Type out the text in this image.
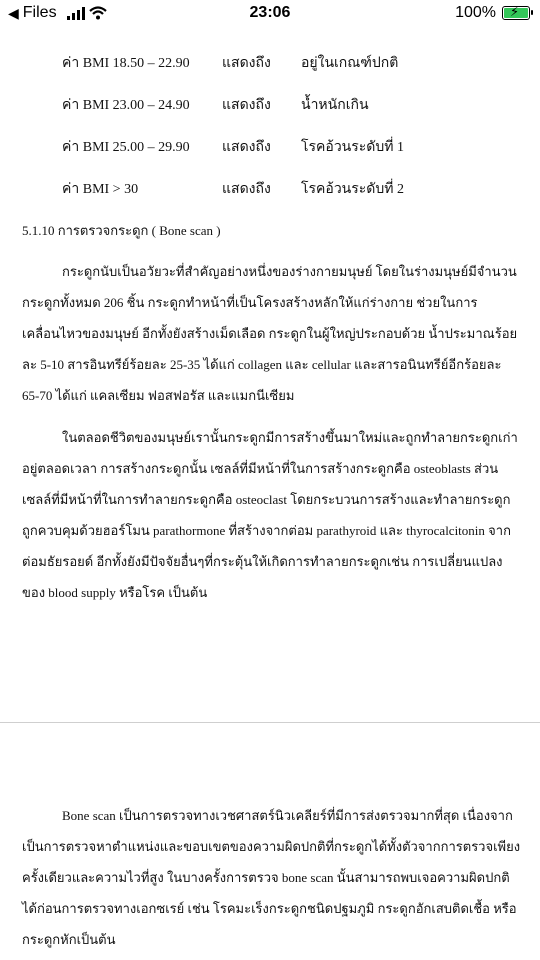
◀ Files	23:06	100% ⚡
ค่า BMI 18.50 – 22.90 แสดงถึง อยู่ในเกณฑ์ปกติ
ค่า BMI 23.00 – 24.90 แสดงถึง น้ำหนักเกิน
ค่า BMI 25.00 – 29.90 แสดงถึง โรคอ้วนระดับที่ 1
ค่า BMI > 30	แสดงถึง โรคอ้วนระดับที่ 2
5.1.10 การตรวจกระดูก ( Bone scan )
กระดูกนับเป็นอวัยวะที่สำคัญอย่างหนึ่งของร่างกายมนุษย์ โดยในร่างมนุษย์มีจำนวนกระดูกทั้งหมด 206 ชิ้น กระดูกทำหน้าที่เป็นโครงสร้างหลักให้แก่ร่างกาย ช่วยในการเคลื่อนไหวของมนุษย์ อีกทั้งยังสร้างเม็ดเลือด กระดูกในผู้ใหญ่ประกอบด้วย น้ำประมาณร้อยละ 5-10 สารอินทรีย์ร้อยละ 25-35 ได้แก่ collagen และ cellular และสารอนินทรีย์อีกร้อยละ 65-70 ได้แก่ แคลเซียม ฟอสฟอรัส และแมกนีเซียม
ในตลอดชีวิตของมนุษย์เรานั้นกระดูกมีการสร้างขึ้นมาใหม่และถูกทำลายกระดูกเก่าอยู่ตลอดเวลา การสร้างกระดูกนั้น เซลล์ที่มีหน้าที่ในการสร้างกระดูกคือ osteoblasts ส่วนเซลล์ที่มีหน้าที่ในการทำลายกระดูกคือ osteoclast โดยกระบวนการสร้างและทำลายกระดูกถูกควบคุมด้วยฮอร์โมน parathormone ที่สร้างจากต่อม parathyroid และ thyrocalcitonin จากต่อมธัยรอยด์ อีกทั้งยังมีปัจจัยอื่นๆที่กระตุ้นให้เกิดการทำลายกระดูกเช่น การเปลี่ยนแปลงของ blood supply หรือโรค เป็นต้น
Bone scan เป็นการตรวจทางเวชศาสตร์นิวเคลียร์ที่มีการส่งตรวจมากที่สุด เนื่องจากเป็นการตรวจหาตำแหน่งและขอบเขตของความผิดปกติที่กระดูกได้ทั้งตัวจากการตรวจเพียงครั้งเดียวและความไวที่สูง ในบางครั้งการตรวจ bone scan นั้นสามารถพบเจอความผิดปกติได้ก่อนการตรวจทางเอกซเรย์ เช่น โรคมะเร็งกระดูกชนิดปฐมภูมิ กระดูกอักเสบติดเชื้อ หรือกระดูกหักเป็นต้น
